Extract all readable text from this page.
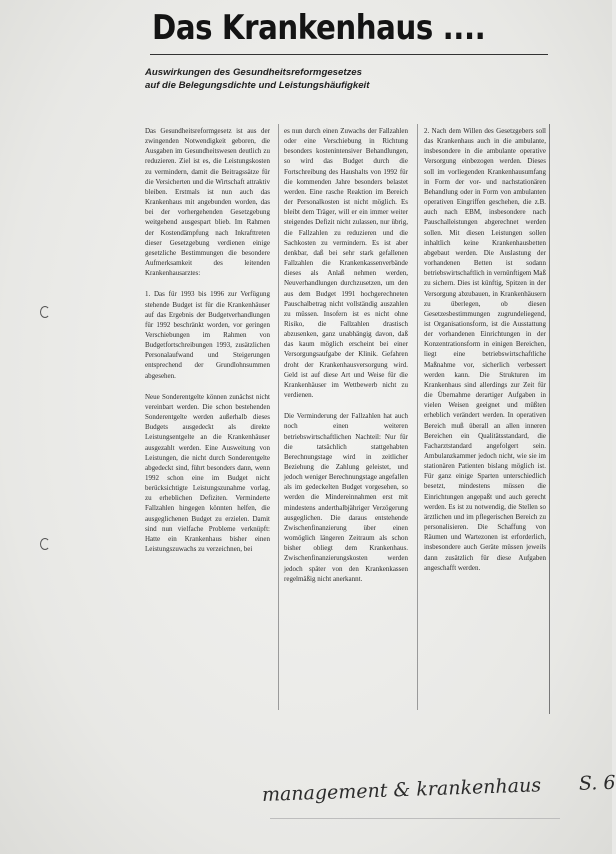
Das Krankenhaus ....
Auswirkungen des Gesundheitsreformgesetzes
auf die Belegungsdichte und Leistungshäufigkeit

Das Gesundheitsreformgesetz ist aus der zwingenden Notwendigkeit geboren, die Ausgaben im Gesundheitswesen deutlich zu reduzieren. Ziel ist es, die Leistungskosten zu vermindern, damit die Beitragssätze für die Versicherten und die Wirtschaft attraktiv bleiben. Erstmals ist nun auch das Krankenhaus mit angebunden worden, das bei der vorhergehenden Gesetzgebung weitgehend ausgespart blieb. Im Rahmen der Kostendämpfung nach Inkrafttreten dieser Gesetzgebung verdienen einige gesetzliche Bestimmungen die besondere Aufmerksamkeit des leitenden Krankenhausarztes:

1. Das für 1993 bis 1996 zur Verfügung stehende Budget ist für die Krankenhäuser auf das Ergebnis der Budgetverhandlungen für 1992 beschränkt worden, vor geringen Verschiebungen im Rahmen von Budgetfortschreibungen 1993, zusätzlichen Personalaufwand und Steigerungen entsprechend der Grundlohnsummen abgesehen.

Neue Sonderentgelte können zunächst nicht vereinbart werden. Die schon bestehenden Sonderentgelte werden außerhalb dieses Budgets ausgedeckt als direkte Leistungsentgelte an die Krankenhäuser ausgezahlt werden. Eine Ausweitung von Leistungen, die nicht durch Sonderentgelte abgedeckt sind, führt besonders dann, wenn 1992 schon eine im Budget nicht berücksichtigte Leistungszunahme vorlag, zu erheblichen Defiziten. Verminderte Fallzahlen hingegen könnten helfen, die ausgeglichenen Budget zu erzielen. Damit sind nun vielfache Probleme verknüpft: Hatte ein Krankenhaus bisher einen Leistungszuwachs zu verzeichnen, bei

es nun durch einen Zuwachs der Fallzahlen oder eine Verschiebung in Richtung besonders kostenintensiver Behandlungen, so wird das Budget durch die Fortschreibung des Haushalts von 1992 für die kommenden Jahre besonders belastet werden. Eine rasche Reaktion im Bereich der Personalkosten ist nicht möglich. Es bleibt dem Träger, will er ein immer weiter steigendes Defizit nicht zulassen, nur übrig, die Fallzahlen zu reduzieren und die Sachkosten zu vermindern. Es ist aber denkbar, daß bei sehr stark gefallenen Fallzahlen die Krankenkassenverbände dieses als Anlaß nehmen werden, Neuverhandlungen durchzusetzen, um den aus dem Budget 1991 hochgerechneten Pauschalbetrag nicht vollständig auszahlen zu müssen. Insofern ist es nicht ohne Risiko, die Fallzahlen drastisch abzusenken, ganz unabhängig davon, daß das kaum möglich erscheint bei einer Versorgungsaufgabe der Klinik. Gefahren droht der Krankenhausversorgung wird. Geld ist auf diese Art und Weise für die Krankenhäuser im Wettbewerb nicht zu verdienen.

Die Verminderung der Fallzahlen hat auch noch einen weiteren betriebswirtschaftlichen Nachteil: Nur für die tatsächlich stattgehabten Berechnungstage wird in zeitlicher Beziehung die Zahlung geleistet, und jedoch weniger Berechnungstage angefallen als im gedeckelten Budget vorgesehen, so werden die Mindereinnahmen erst mit mindestens anderthalbjähriger Verzögerung ausgeglichen. Die daraus entstehende Zwischenfinanzierung über einen womöglich längeren Zeitraum als schon bisher obliegt dem Krankenhaus. Zwischenfinanzierungskosten werden jedoch später von den Krankenkassen regelmäßig nicht anerkannt.

2. Nach dem Willen des Gesetzgebers soll das Krankenhaus auch in die ambulante, insbesondere in die ambulante operative Versorgung einbezogen werden. Dieses soll im vorliegenden Krankenhausumfang in Form der vor- und nachstationären Behandlung oder in Form von ambulanten operativen Eingriffen geschehen, die z.B. auch nach EBM, insbesondere nach Pauschalleistungen abgerechnet werden sollen. Mit diesen Leistungen sollen inhaltlich keine Krankenhausbetten abgebaut werden. Die Auslastung der vorhandenen Betten ist sodann betriebswirtschaftlich in vernünftigem Maß zu sichern. Dies ist künftig, Spitzen in der Versorgung abzubauen, in Krankenhäusern zu überlegen, ob diesen Gesetzesbestimmungen zugrundeliegend, ist Organisationsform, ist die Ausstattung der vorhandenen Einrichtungen in der Konzentrationsform in einigen Bereichen, liegt eine betriebswirtschaftliche Maßnahme vor, sicherlich verbessert werden kann. Die Strukturen im Krankenhaus sind allerdings zur Zeit für die Übernahme derartiger Aufgaben in vielen Weisen geeignet und müßten erheblich verändert werden. In operativen Bereich muß überall an allen inneren Bereichen ein Qualitätsstandard, die Facharztstandard angefolgert sein. Ambulanzkammer jedoch nicht, wie sie im stationären Patienten bislang möglich ist. Für ganz einige Sparten unterschiedlich besetzt, mindestens müssen die Einrichtungen angepaßt und auch gerecht werden. Es ist zu notwendig, die Stellen so ärztlichen und im pflegerischen Bereich zu personalisieren. Die Schaffung von Räumen und Wartezonen ist erforderlich, insbesondere auch Geräte müssen jeweils dann zusätzlich für diese Aufgaben angeschafft werden.

management & krankenhaus S. 6
